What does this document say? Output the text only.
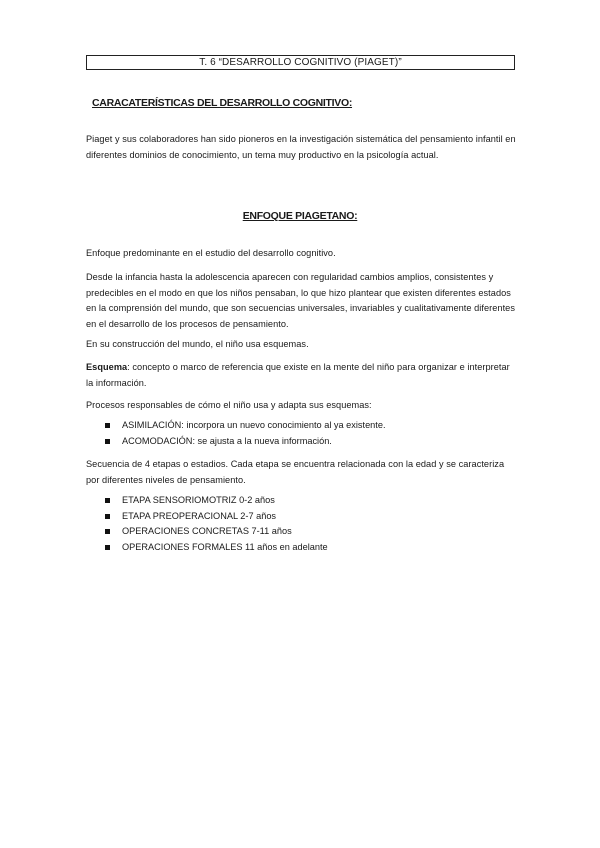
T. 6 “DESARROLLO COGNITIVO (PIAGET)”
CARACATERÍSTICAS DEL DESARROLLO COGNITIVO:
Piaget y sus colaboradores han sido pioneros en la investigación sistemática del pensamiento infantil en diferentes dominios de conocimiento, un tema muy productivo en la psicología actual.
ENFOQUE PIAGETANO:
Enfoque predominante en el estudio del desarrollo cognitivo.
Desde la infancia hasta la adolescencia aparecen con regularidad cambios amplios, consistentes y predecibles en el modo en que los niños pensaban, lo que hizo plantear que existen diferentes estados en la comprensión del mundo, que son secuencias universales, invariables y cualitativamente diferentes en el desarrollo de los procesos de pensamiento.
En su construcción del mundo, el niño usa esquemas.
Esquema: concepto o marco de referencia que existe en la mente del niño para organizar e interpretar la información.
Procesos responsables de cómo el niño usa y adapta sus esquemas:
ASIMILACIÓN: incorpora un nuevo conocimiento al ya existente.
ACOMODACIÓN: se ajusta a la nueva información.
Secuencia de 4 etapas o estadios. Cada etapa se encuentra relacionada con la edad y se caracteriza por diferentes niveles de pensamiento.
ETAPA SENSORIOMOTRIZ 0-2 años
ETAPA PREOPERACIONAL 2-7 años
OPERACIONES CONCRETAS 7-11 años
OPERACIONES FORMALES 11 años en adelante
